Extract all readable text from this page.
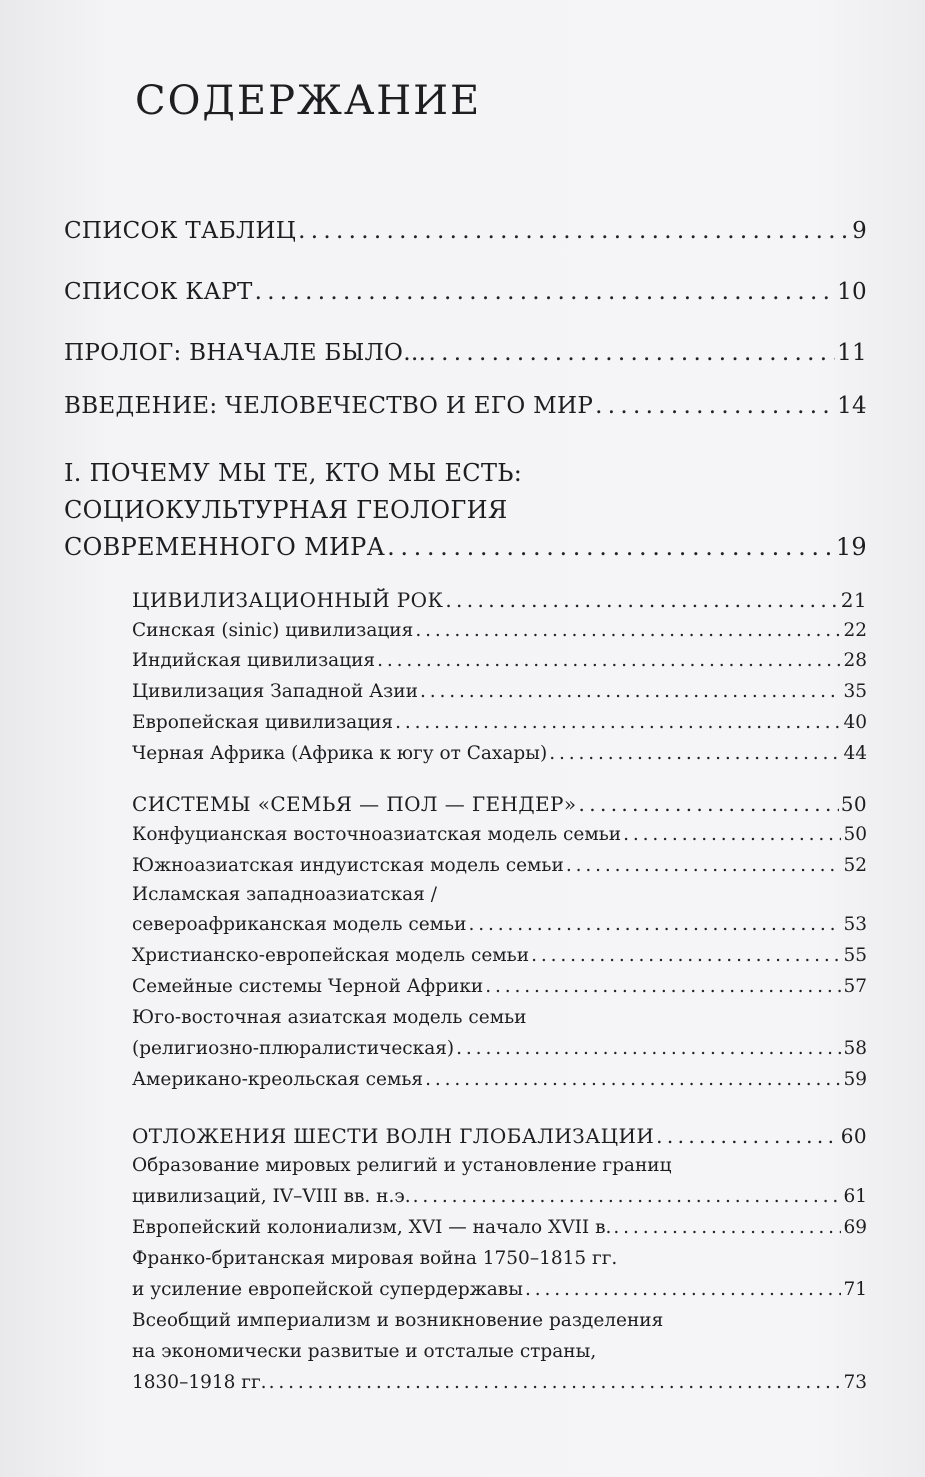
СОДЕРЖАНИЕ
СПИСОК ТАБЛИЦ . . .	9
СПИСОК КАРТ . . .	10
ПРОЛОГ: ВНАЧАЛЕ БЫЛО… . . .	11
ВВЕДЕНИЕ: ЧЕЛОВЕЧЕСТВО И ЕГО МИР . . .	14
I. ПОЧЕМУ МЫ ТЕ, КТО МЫ ЕСТЬ:
СОЦИОКУЛЬТУРНАЯ ГЕОЛОГИЯ
СОВРЕМЕННОГО МИРА . . .	19
ЦИВИЛИЗАЦИОННЫЙ РОК . . .	21
Синская (sinic) цивилизация . . .	22
Индийская цивилизация . . .	28
Цивилизация Западной Азии . . .	35
Европейская цивилизация . . .	40
Черная Африка (Африка к югу от Сахары) . . .	44
СИСТЕМЫ «СЕМЬЯ — ПОЛ — ГЕНДЕР» . . .	50
Конфуцианская восточноазиатская модель семьи . . .	50
Южноазиатская индуистская модель семьи . . .	52
Исламская западноазиатская /
североафриканская модель семьи . . .	53
Христианско-европейская модель семьи . . .	55
Семейные системы Черной Африки . . .	57
Юго-восточная азиатская модель семьи
(религиозно-плюралистическая) . . .	58
Американо-креольская семья . . .	59
ОТЛОЖЕНИЯ ШЕСТИ ВОЛН ГЛОБАЛИЗАЦИИ . . .	60
Образование мировых религий и установление границ
цивилизаций, IV–VIII вв. н.э. . . .	61
Европейский колониализм, XVI — начало XVII в. . . .	69
Франко-британская мировая война 1750–1815 гг.
и усиление европейской супердержавы . . .	71
Всеобщий империализм и возникновение разделения
на экономически развитые и отсталые страны,
1830–1918 гг. . . .	73
